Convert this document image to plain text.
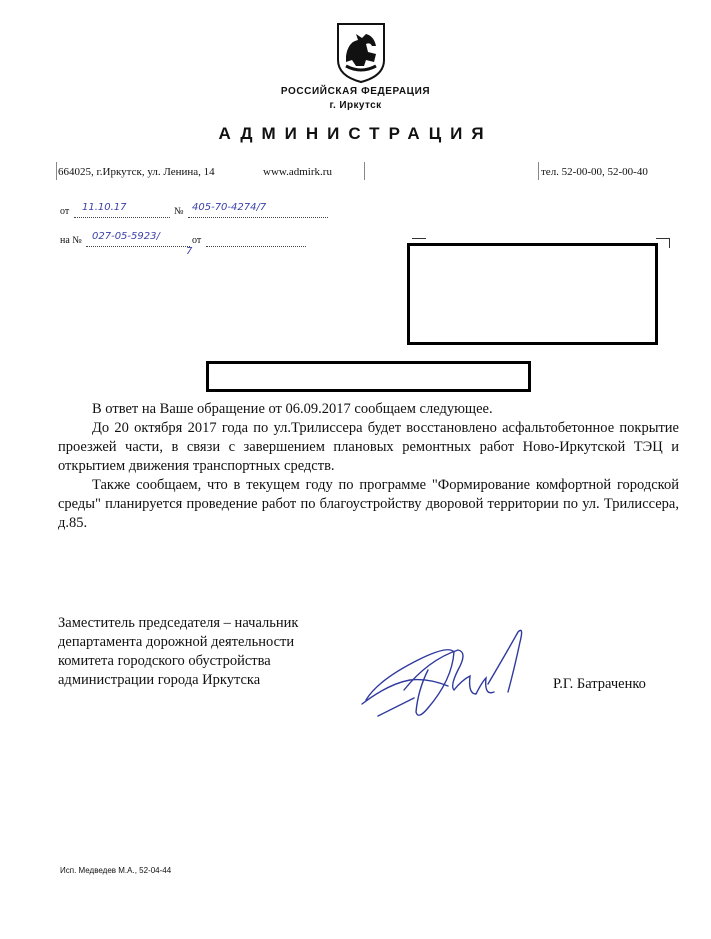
РОССИЙСКАЯ ФЕДЕРАЦИЯ
г. Иркутск
АДМИНИСТРАЦИЯ
664025, г.Иркутск, ул. Ленина, 14	www.admirk.ru	тел. 52-00-00, 52-00-40
от 11.10.17	№ 405-70-4274/7
на № 027-05-5923/
7
от

В ответ на Ваше обращение от 06.09.2017 сообщаем следующее.

До 20 октября 2017 года по ул.Трилиссера будет восстановлено асфальтобетонное покрытие проезжей части, в связи с завершением плановых ремонтных работ Ново-Иркутской ТЭЦ и открытием движения транспортных средств.

Также сообщаем, что в текущем году по программе "Формирование комфортной городской среды" планируется проведение работ по благоустройству дворовой территории по ул. Трилиссера, д.85.

Заместитель председателя – начальник
департамента дорожной деятельности
комитета городского обустройства
администрации города Иркутска	Р.Г. Батраченко
Исп. Медведев М.А., 52-04-44
